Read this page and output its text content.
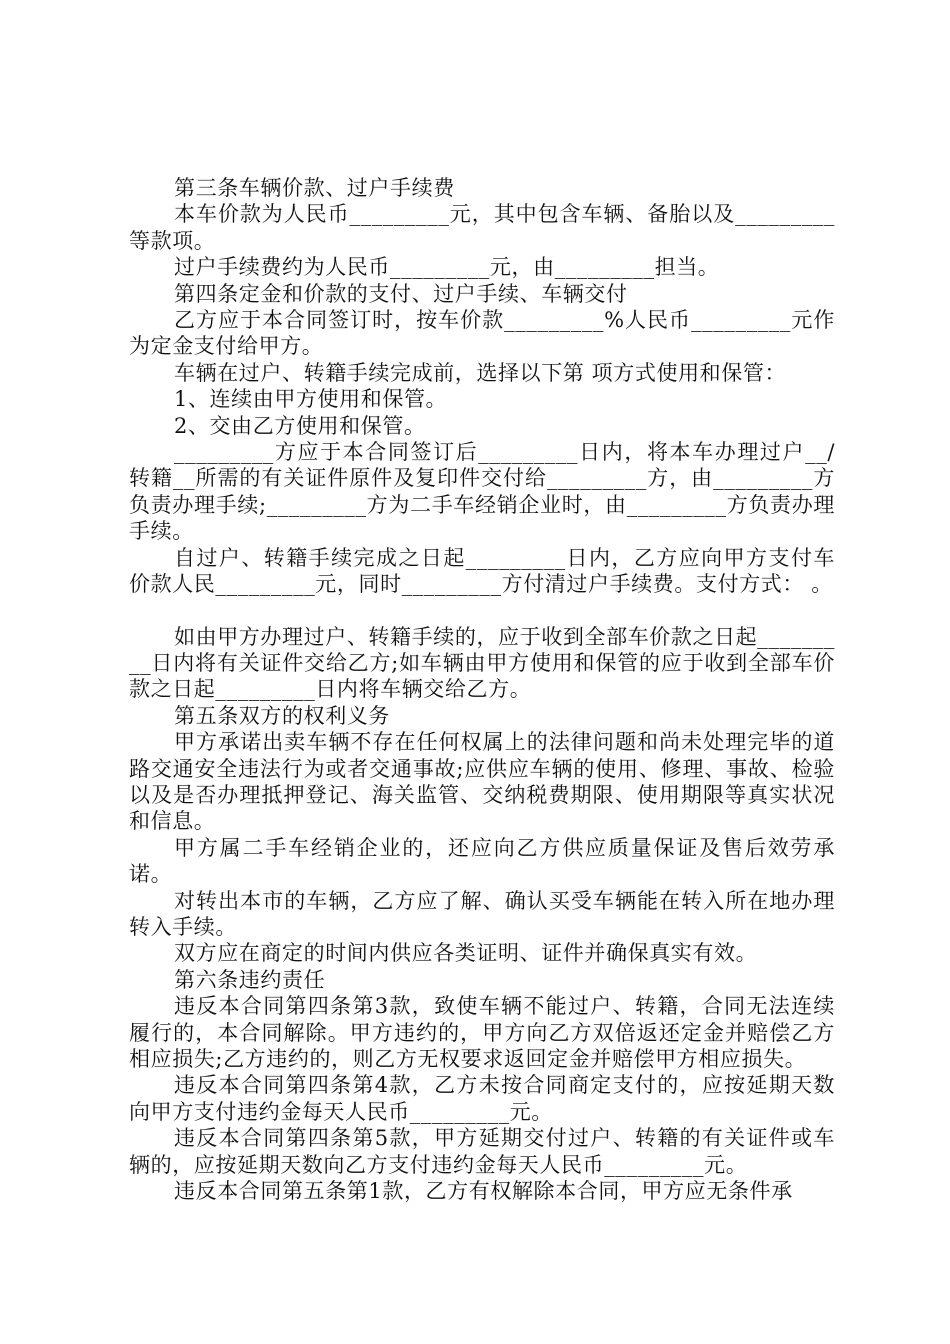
第三条车辆价款、过户手续费

本车价款为人民币_________元，其中包含车辆、备胎以及_________等款项。

过户手续费约为人民币_________元，由_________担当。

第四条定金和价款的支付、过户手续、车辆交付

乙方应于本合同签订时，按车价款_________%人民币_________元作为定金支付给甲方。

车辆在过户、转籍手续完成前，选择以下第 项方式使用和保管：

1、连续由甲方使用和保管。

2、交由乙方使用和保管。

_________方应于本合同签订后_________日内，将本车办理过户__/转籍__所需的有关证件原件及复印件交付给_________方，由_________方负责办理手续;_________方为二手车经销企业时，由_________方负责办理手续。

自过户、转籍手续完成之日起_________日内，乙方应向甲方支付车价款人民_________元，同时_________方付清过户手续费。支付方式： 。

如由甲方办理过户、转籍手续的，应于收到全部车价款之日起_________日内将有关证件交给乙方;如车辆由甲方使用和保管的应于收到全部车价款之日起_________日内将车辆交给乙方。

第五条双方的权利义务

甲方承诺出卖车辆不存在任何权属上的法律问题和尚未处理完毕的道路交通安全违法行为或者交通事故;应供应车辆的使用、修理、事故、检验以及是否办理抵押登记、海关监管、交纳税费期限、使用期限等真实状况和信息。

甲方属二手车经销企业的，还应向乙方供应质量保证及售后效劳承诺。

对转出本市的车辆，乙方应了解、确认买受车辆能在转入所在地办理转入手续。

双方应在商定的时间内供应各类证明、证件并确保真实有效。

第六条违约责任

违反本合同第四条第3款，致使车辆不能过户、转籍，合同无法连续履行的，本合同解除。甲方违约的，甲方向乙方双倍返还定金并赔偿乙方相应损失;乙方违约的，则乙方无权要求返回定金并赔偿甲方相应损失。

违反本合同第四条第4款，乙方未按合同商定支付的，应按延期天数向甲方支付违约金每天人民币_________元。

违反本合同第四条第5款，甲方延期交付过户、转籍的有关证件或车辆的，应按延期天数向乙方支付违约金每天人民币_________元。

违反本合同第五条第1款，乙方有权解除本合同，甲方应无条件承
